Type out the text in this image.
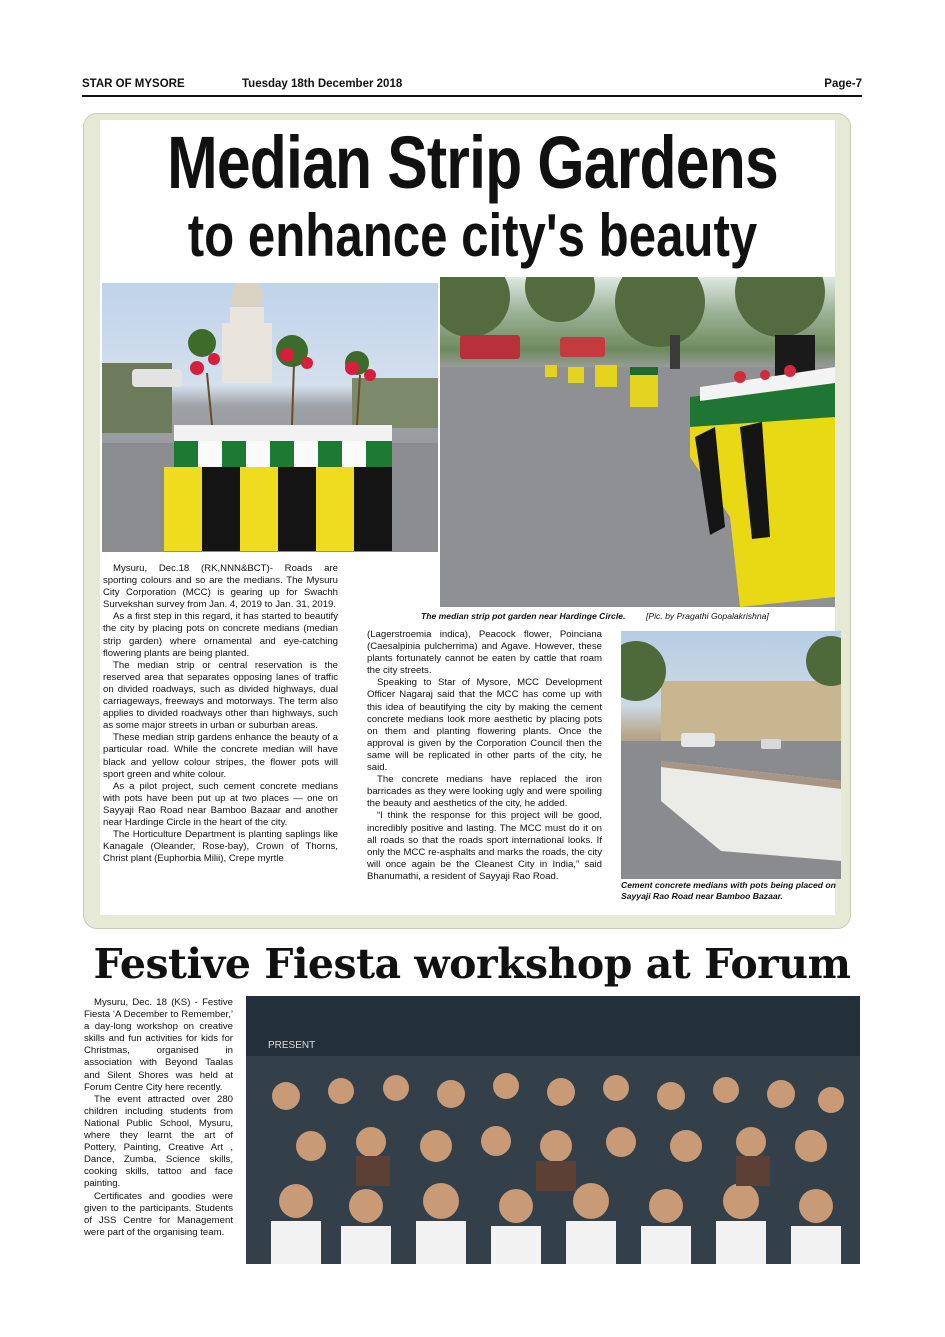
STAR OF MYSORE	Tuesday 18th December 2018	Page-7
Median Strip Gardens
to enhance city's beauty
The median strip pot garden near Hardinge Circle. [Pic. by Pragathi Gopalakrishna]
Cement concrete medians with pots being placed on Sayyaji Rao Road near Bamboo Bazaar.

Mysuru, Dec.18 (RK,NNN&BCT)- Roads are sporting colours and so are the medians. The Mysuru City Corporation (MCC) is gearing up for Swachh Survekshan survey from Jan. 4, 2019 to Jan. 31, 2019.

As a first step in this regard, it has started to beautify the city by placing pots on concrete medians (median strip garden) where ornamental and eye-catching flowering plants are being planted.

The median strip or central reservation is the reserved area that separates opposing lanes of traffic on divided roadways, such as divided highways, dual carriageways, freeways and motorways. The term also applies to divided roadways other than highways, such as some major streets in urban or suburban areas.

These median strip gardens enhance the beauty of a particular road. While the concrete median will have black and yellow colour stripes, the flower pots will sport green and white colour.

As a pilot project, such cement concrete medians with pots have been put up at two places — one on Sayyaji Rao Road near Bamboo Bazaar and another near Hardinge Circle in the heart of the city.

The Horticulture Department is planting saplings like Kanagale (Oleander, Rose-bay), Crown of Thorns, Christ plant (Euphorbia Milii), Crepe myrtle

(Lagerstroemia indica), Peacock flower, Poinciana (Caesalpinia pulcherrima) and Agave. However, these plants fortunately cannot be eaten by cattle that roam the city streets.

Speaking to Star of Mysore, MCC Development Officer Nagaraj said that the MCC has come up with this idea of beautifying the city by making the cement concrete medians look more aesthetic by placing pots on them and planting flowering plants. Once the approval is given by the Corporation Council then the same will be replicated in other parts of the city, he said.

The concrete medians have replaced the iron barricades as they were looking ugly and were spoiling the beauty and aesthetics of the city, he added.

“I think the response for this project will be good, incredibly positive and lasting. The MCC must do it on all roads so that the roads sport international looks. If only the MCC re-asphalts and marks the roads, the city will once again be the Cleanest City in India,” said Bhanumathi, a resident of Sayyaji Rao Road.

Festive Fiesta workshop at Forum

Mysuru, Dec. 18 (KS) - Festive Fiesta ‘A December to Remember,’ a day-long workshop on creative skills and fun activities for kids for Christmas, organised in association with Beyond Taalas and Silent Shores was held at Forum Centre City here recently.

The event attracted over 280 children including students from National Public School, Mysuru, where they learnt the art of Pottery, Painting, Creative Art , Dance, Zumba, Science skills, cooking skills, tattoo and face painting.

Certificates and goodies were given to the participants. Students of JSS Centre for Management were part of the organising team.

PRESENT
